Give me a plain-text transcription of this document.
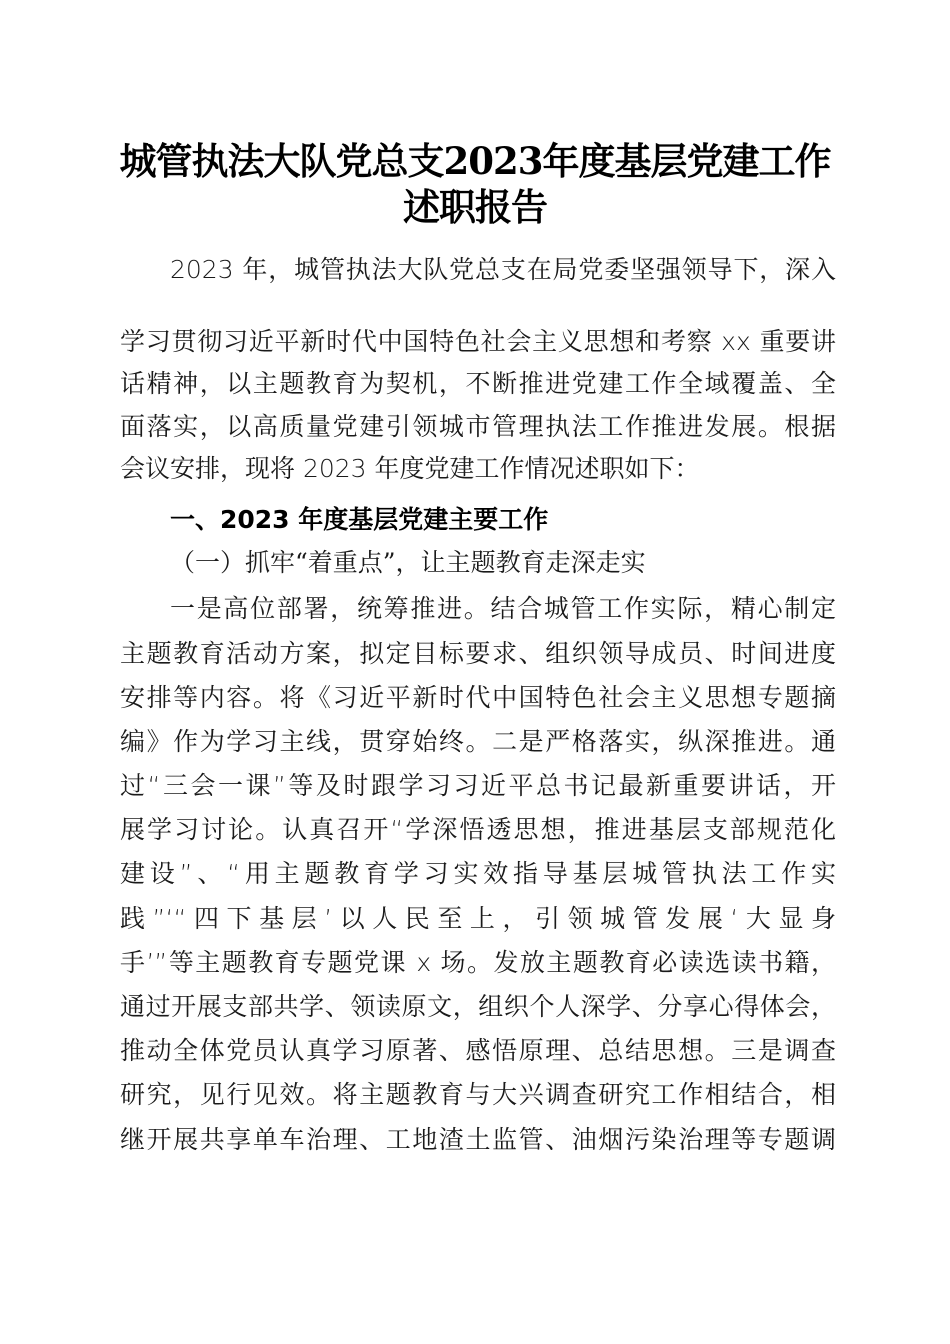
城管执法大队党总支2023年度基层党建工作
述职报告
2023 年，城管执法大队党总支在局党委坚强领导下，深入
学习贯彻习近平新时代中国特色社会主义思想和考察 xx 重要讲
话精神，以主题教育为契机，不断推进党建工作全域覆盖、全
面落实，以高质量党建引领城市管理执法工作推进发展。根据
会议安排，现将 2023 年度党建工作情况述职如下：
一、2023 年度基层党建主要工作
（一）抓牢“着重点”，让主题教育走深走实
一是高位部署，统筹推进。结合城管工作实际，精心制定
主题教育活动方案，拟定目标要求、组织领导成员、时间进度
安排等内容。将《习近平新时代中国特色社会主义思想专题摘
编》作为学习主线，贯穿始终。二是严格落实，纵深推进。通
过“三会一课”等及时跟学习习近平总书记最新重要讲话，开
展学习讨论。认真召开“学深悟透思想，推进基层支部规范化
建设”、“用主题教育学习实效指导基层城管执法工作实
践”‘“四下基层’以人民至上，引领城管发展‘大显身
手’”等主题教育专题党课 x 场。发放主题教育必读选读书籍，
通过开展支部共学、领读原文，组织个人深学、分享心得体会，
推动全体党员认真学习原著、感悟原理、总结思想。三是调查
研究，见行见效。将主题教育与大兴调查研究工作相结合，相
继开展共享单车治理、工地渣土监管、油烟污染治理等专题调
